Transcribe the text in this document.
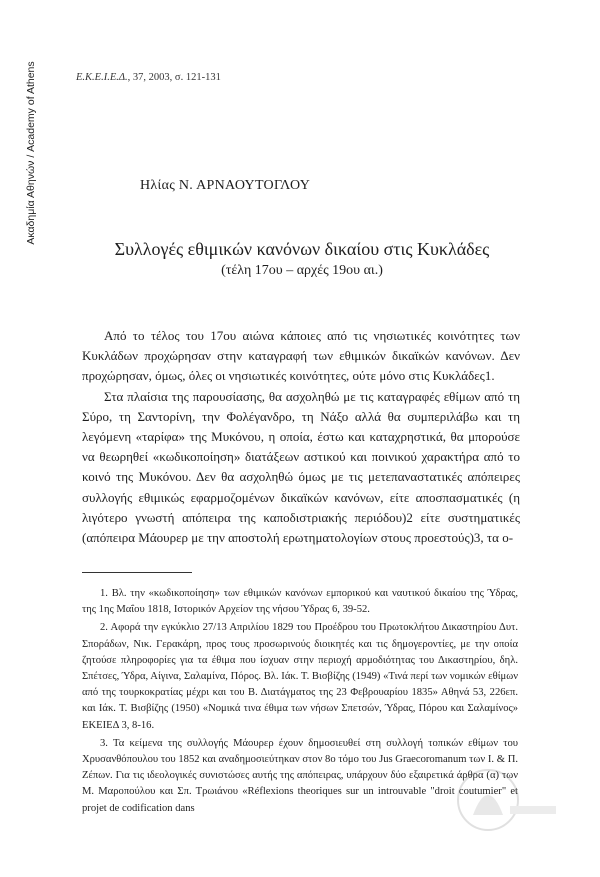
Ακαδημία Αθηνών / Academy of Athens	Ε.Κ.Ε.Ι.Ε.Δ., 37, 2003, σ. 121-131
Ηλίας Ν. ΑΡΝΑΟΥΤΟΓΛΟΥ
Συλλογές εθιμικών κανόνων δικαίου στις Κυκλάδες
(τέλη 17ου – αρχές 19ου αι.)

Από το τέλος του 17ου αιώνα κάποιες από τις νησιωτικές κοινότητες των Κυκλάδων προχώρησαν στην καταγραφή των εθιμικών δικαϊκών κανόνων. Δεν προχώρησαν, όμως, όλες οι νησιωτικές κοινότητες, ούτε μόνο στις Κυκλάδες1.

Στα πλαίσια της παρουσίασης, θα ασχοληθώ με τις καταγραφές εθίμων από τη Σύρο, τη Σαντορίνη, την Φολέγανδρο, τη Νάξο αλλά θα συμπεριλάβω και τη λεγόμενη «ταρίφα» της Μυκόνου, η οποία, έστω και καταχρηστικά, θα μπορούσε να θεωρηθεί «κωδικοποίηση» διατάξεων αστικού και ποινικού χαρακτήρα από το κοινό της Μυκόνου. Δεν θα ασχοληθώ όμως με τις μετεπαναστατικές απόπειρες συλλογής εθιμικώς εφαρμοζομένων δικαϊκών κανόνων, είτε αποσπασματικές (η λιγότερο γνωστή απόπειρα της καποδιστριακής περιόδου)2 είτε συστηματικές (απόπειρα Μάουρερ με την αποστολή ερωτηματολογίων στους προεστούς)3, τα ο-

1. Βλ. την «κωδικοποίηση» των εθιμικών κανόνων εμπορικού και ναυτικού δικαίου της Ύδρας, της 1ης Μαΐου 1818, Ιστορικόν Αρχείον της νήσου Ύδρας 6, 39-52.

2. Αφορά την εγκύκλιο 27/13 Απριλίου 1829 του Προέδρου του Πρωτοκλήτου Δικαστηρίου Δυτ. Σποράδων, Νικ. Γερακάρη, προς τους προσωρινούς διοικητές και τις δημογεροντίες, με την οποία ζητούσε πληροφορίες για τα έθιμα που ίσχυαν στην περιοχή αρμοδιότητας του Δικαστηρίου, δηλ. Σπέτσες, Ύδρα, Αίγινα, Σαλαμίνα, Πόρος. Βλ. Ιάκ. Τ. Βισβίζης (1949) «Τινά περί των νομικών εθίμων από της τουρκοκρατίας μέχρι και του Β. Διατάγματος της 23 Φεβρουαρίου 1835» Αθηνά 53, 226επ. και Ιάκ. Τ. Βισβίζης (1950) «Νομικά τινα έθιμα των νήσων Σπετσών, Ύδρας, Πόρου και Σαλαμίνος» ΕΚΕΙΕΔ 3, 8-16.

3. Τα κείμενα της συλλογής Μάουρερ έχουν δημοσιευθεί στη συλλογή τοπικών εθίμων του Χρυσανθόπουλου του 1852 και αναδημοσιεύτηκαν στον 8ο τόμο του Jus Graecoromanum των Ι. & Π. Ζέπων. Για τις ιδεολογικές συνιστώσες αυτής της απόπειρας, υπάρχουν δύο εξαιρετικά άρθρα (α) των Μ. Μαροπούλου και Σπ. Τρωιάνου «Réflexions theoriques sur un introuvable "droit coutumier" et projet de codification dans
